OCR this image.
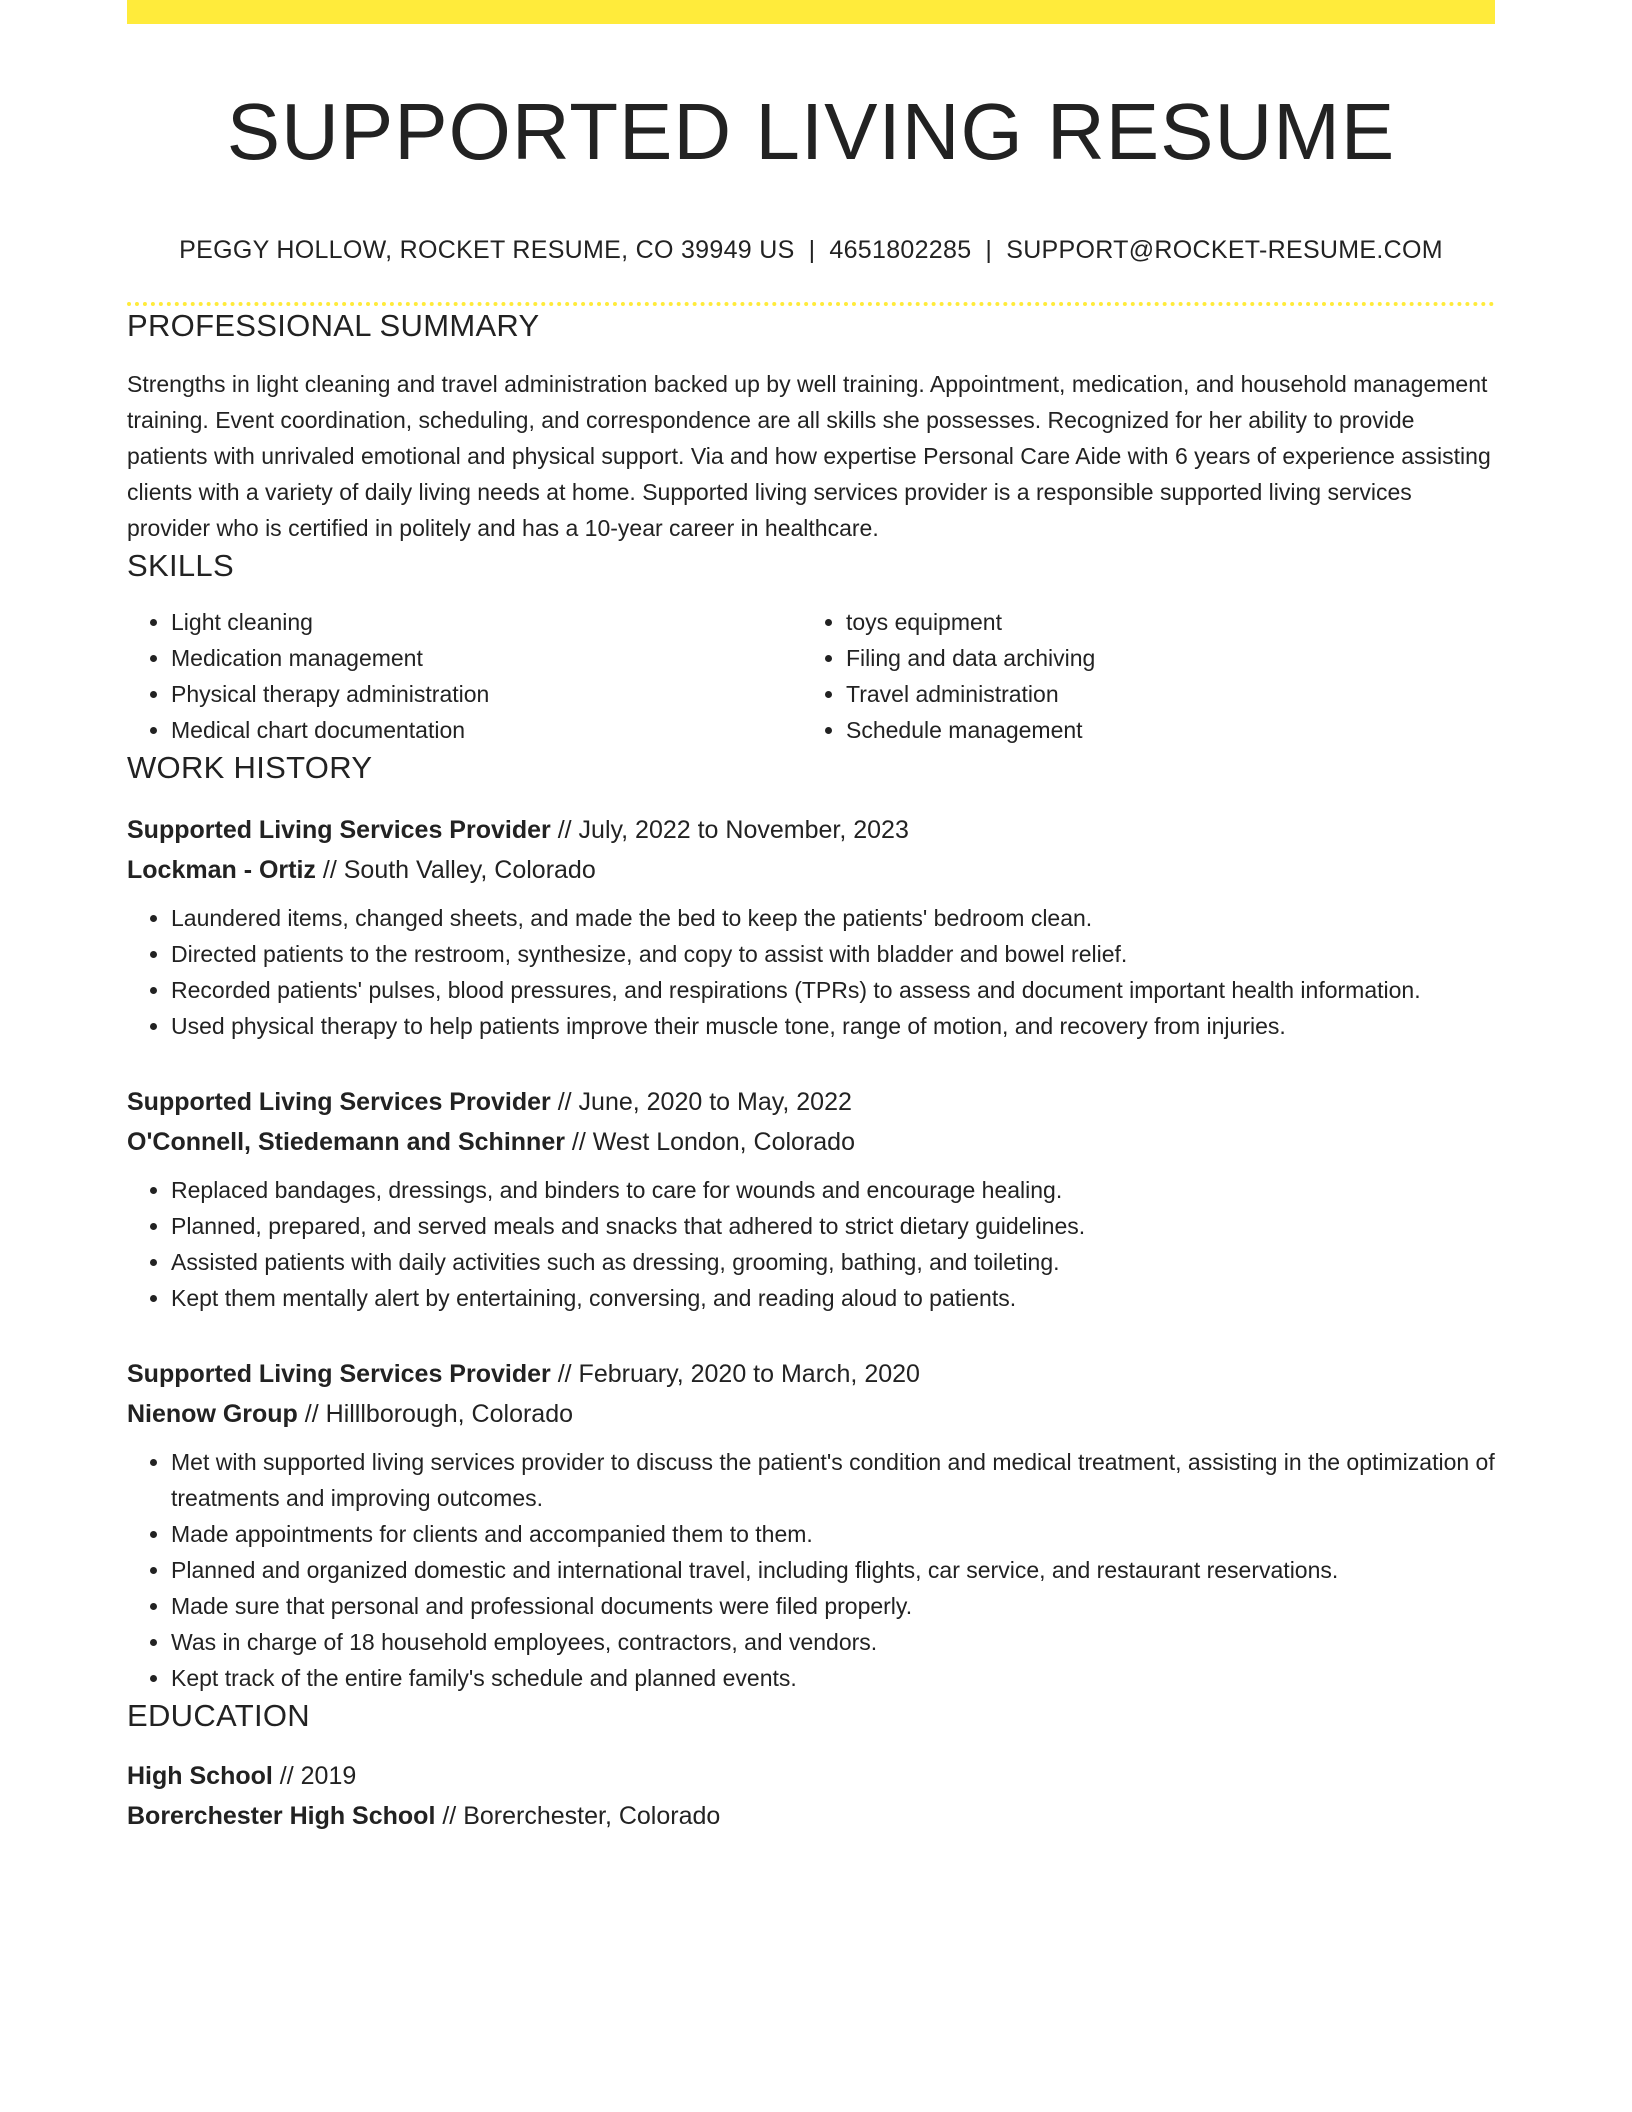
SUPPORTED LIVING RESUME
PEGGY HOLLOW, ROCKET RESUME, CO 39949 US | 4651802285 | SUPPORT@ROCKET-RESUME.COM
PROFESSIONAL SUMMARY
Strengths in light cleaning and travel administration backed up by well training. Appointment, medication, and household management training. Event coordination, scheduling, and correspondence are all skills she possesses. Recognized for her ability to provide patients with unrivaled emotional and physical support. Via and how expertise Personal Care Aide with 6 years of experience assisting clients with a variety of daily living needs at home. Supported living services provider is a responsible supported living services provider who is certified in politely and has a 10-year career in healthcare.
SKILLS
• Light cleaning
• Medication management
• Physical therapy administration
• Medical chart documentation
• toys equipment
• Filing and data archiving
• Travel administration
• Schedule management
WORK HISTORY
Supported Living Services Provider // July, 2022 to November, 2023
Lockman - Ortiz // South Valley, Colorado
• Laundered items, changed sheets, and made the bed to keep the patients' bedroom clean.
• Directed patients to the restroom, synthesize, and copy to assist with bladder and bowel relief.
• Recorded patients' pulses, blood pressures, and respirations (TPRs) to assess and document important health information.
• Used physical therapy to help patients improve their muscle tone, range of motion, and recovery from injuries.
Supported Living Services Provider // June, 2020 to May, 2022
O'Connell, Stiedemann and Schinner // West London, Colorado
• Replaced bandages, dressings, and binders to care for wounds and encourage healing.
• Planned, prepared, and served meals and snacks that adhered to strict dietary guidelines.
• Assisted patients with daily activities such as dressing, grooming, bathing, and toileting.
• Kept them mentally alert by entertaining, conversing, and reading aloud to patients.
Supported Living Services Provider // February, 2020 to March, 2020
Nienow Group // Hilllborough, Colorado
• Met with supported living services provider to discuss the patient's condition and medical treatment, assisting in the optimization of treatments and improving outcomes.
• Made appointments for clients and accompanied them to them.
• Planned and organized domestic and international travel, including flights, car service, and restaurant reservations.
• Made sure that personal and professional documents were filed properly.
• Was in charge of 18 household employees, contractors, and vendors.
• Kept track of the entire family's schedule and planned events.
EDUCATION
High School // 2019
Borerchester High School // Borerchester, Colorado
